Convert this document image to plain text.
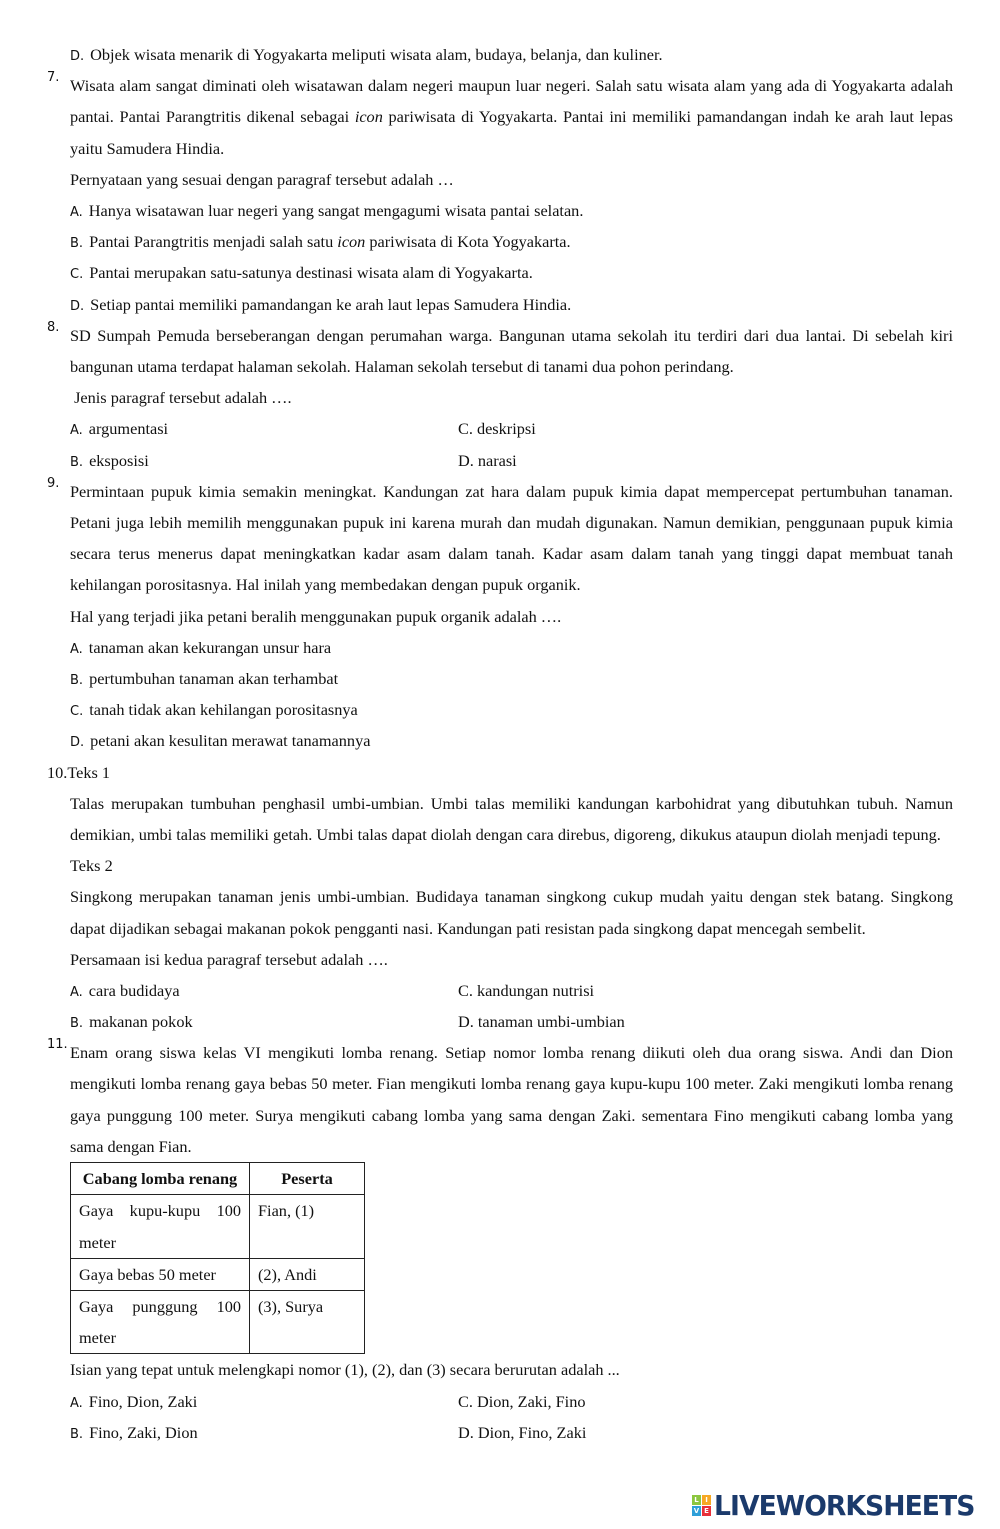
D. Objek wisata menarik di Yogyakarta meliputi wisata alam, budaya, belanja, dan kuliner.
7. Wisata alam sangat diminati oleh wisatawan dalam negeri maupun luar negeri. Salah satu wisata alam yang ada di Yogyakarta adalah pantai. Pantai Parangtritis dikenal sebagai icon pariwisata di Yogyakarta. Pantai ini memiliki pamandangan indah ke arah laut lepas yaitu Samudera Hindia.
Pernyataan yang sesuai dengan paragraf tersebut adalah …
A. Hanya wisatawan luar negeri yang sangat mengagumi wisata pantai selatan.
B. Pantai Parangtritis menjadi salah satu icon pariwisata di Kota Yogyakarta.
C. Pantai merupakan satu-satunya destinasi wisata alam di Yogyakarta.
D. Setiap pantai memiliki pamandangan ke arah laut lepas Samudera Hindia.
8. SD Sumpah Pemuda berseberangan dengan perumahan warga. Bangunan utama sekolah itu terdiri dari dua lantai. Di sebelah kiri bangunan utama terdapat halaman sekolah. Halaman sekolah tersebut di tanami dua pohon perindang.
Jenis paragraf tersebut adalah ….
A. argumentasi	C. deskripsi
B. eksposisi	D. narasi
9. Permintaan pupuk kimia semakin meningkat. Kandungan zat hara dalam pupuk kimia dapat mempercepat pertumbuhan tanaman. Petani juga lebih memilih menggunakan pupuk ini karena murah dan mudah digunakan. Namun demikian, penggunaan pupuk kimia secara terus menerus dapat meningkatkan kadar asam dalam tanah. Kadar asam dalam tanah yang tinggi dapat membuat tanah kehilangan porositasnya. Hal inilah yang membedakan dengan pupuk organik.
Hal yang terjadi jika petani beralih menggunakan pupuk organik adalah ….
A. tanaman akan kekurangan unsur hara
B. pertumbuhan tanaman akan terhambat
C. tanah tidak akan kehilangan porositasnya
D. petani akan kesulitan merawat tanamannya
10.Teks 1
Talas merupakan tumbuhan penghasil umbi-umbian. Umbi talas memiliki kandungan karbohidrat yang dibutuhkan tubuh. Namun demikian, umbi talas memiliki getah. Umbi talas dapat diolah dengan cara direbus, digoreng, dikukus ataupun diolah menjadi tepung.
Teks 2
Singkong merupakan tanaman jenis umbi-umbian. Budidaya tanaman singkong cukup mudah yaitu dengan stek batang. Singkong dapat dijadikan sebagai makanan pokok pengganti nasi. Kandungan pati resistan pada singkong dapat mencegah sembelit.
Persamaan isi kedua paragraf tersebut adalah ….
A. cara budidaya	C. kandungan nutrisi
B. makanan pokok	D. tanaman umbi-umbian
11. Enam orang siswa kelas VI mengikuti lomba renang. Setiap nomor lomba renang diikuti oleh dua orang siswa. Andi dan Dion mengikuti lomba renang gaya bebas 50 meter. Fian mengikuti lomba renang gaya kupu-kupu 100 meter. Zaki mengikuti lomba renang gaya punggung 100 meter. Surya mengikuti cabang lomba yang sama dengan Zaki. sementara Fino mengikuti cabang lomba yang sama dengan Fian.
Cabang lomba renang	Peserta
Gaya kupu-kupu 100 meter	Fian, (1)
Gaya bebas 50 meter	(2), Andi
Gaya punggung 100 meter	(3), Surya
Isian yang tepat untuk melengkapi nomor (1), (2), dan (3) secara berurutan adalah ...
A. Fino, Dion, Zaki	C. Dion, Zaki, Fino
B. Fino, Zaki, Dion	D. Dion, Fino, Zaki
L I
V E LIVEWORKSHEETS
